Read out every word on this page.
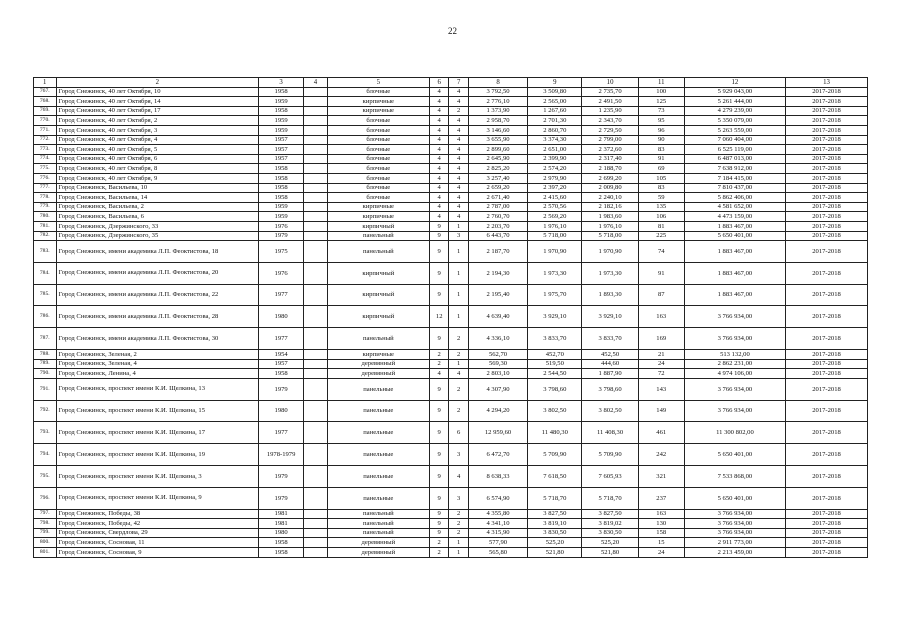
22
1	2	3	4	5	6	7	8	9	10	11	12	13
767.	Город Снежинск, 40 лет Октября, 10	1958		блочные	4	4	3 792,50	3 509,80	2 735,70	100	5 929 043,00	2017-2018
768.	Город Снежинск, 40 лет Октября, 14	1959		кирпичные	4	4	2 776,10	2 565,00	2 491,50	125	5 261 444,00	2017-2018
769.	Город Снежинск, 40 лет Октября, 17	1958		кирпичные	4	2	1 373,90	1 267,60	1 235,90	73	4 279 239,00	2017-2018
770.	Город Снежинск, 40 лет Октября, 2	1959		блочные	4	4	2 958,70	2 701,30	2 343,70	95	5 350 079,00	2017-2018
771.	Город Снежинск, 40 лет Октября, 3	1959		блочные	4	4	3 146,60	2 860,70	2 729,50	96	5 263 559,00	2017-2018
772.	Город Снежинск, 40 лет Октября, 4	1957		блочные	4	4	3 655,90	3 374,30	2 799,00	90	7 060 404,00	2017-2018
773.	Город Снежинск, 40 лет Октября, 5	1957		блочные	4	4	2 899,60	2 651,00	2 372,60	83	6 525 119,00	2017-2018
774.	Город Снежинск, 40 лет Октября, 6	1957		блочные	4	4	2 645,90	2 399,90	2 317,40	91	6 487 013,00	2017-2018
775.	Город Снежинск, 40 лет Октября, 8	1958		блочные	4	4	2 825,20	2 574,20	2 188,70	69	7 638 912,00	2017-2018
776.	Город Снежинск, 40 лет Октября, 9	1958		блочные	4	4	3 257,40	2 979,90	2 699,20	105	7 184 415,00	2017-2018
777.	Город Снежинск, Васильева, 10	1958		блочные	4	4	2 659,20	2 397,20	2 009,80	83	7 810 437,00	2017-2018
778.	Город Снежинск, Васильева, 14	1958		блочные	4	4	2 671,40	2 415,60	2 240,10	59	5 862 406,00	2017-2018
779.	Город Снежинск, Васильева, 2	1959		кирпичные	4	4	2 787,00	2 570,56	2 182,16	135	4 581 652,00	2017-2018
780.	Город Снежинск, Васильева, 6	1959		кирпичные	4	4	2 760,70	2 569,20	1 983,60	106	4 473 159,00	2017-2018
781.	Город Снежинск, Дзержинского, 33	1976		кирпичный	9	1	2 203,70	1 976,10	1 976,10	81	1 883 467,00	2017-2018
782.	Город Снежинск, Дзержинского, 35	1979		панельный	9	3	6 443,70	5 718,00	5 718,00	225	5 650 401,00	2017-2018
783.	Город Снежинск, имени академика Л.П. Феоктистова, 18	1975		панельный	9	1	2 187,70	1 970,90	1 970,90	74	1 883 467,00	2017-2018
784.	Город Снежинск, имени академика Л.П. Феоктистова, 20	1976		кирпичный	9	1	2 194,30	1 973,30	1 973,30	91	1 883 467,00	2017-2018
785.	Город Снежинск, имени академика Л.П. Феоктистова, 22	1977		кирпичный	9	1	2 195,40	1 975,70	1 893,30	87	1 883 467,00	2017-2018
786.	Город Снежинск, имени академика Л.П. Феоктистова, 28	1980		кирпичный	12	1	4 639,40	3 929,10	3 929,10	163	3 766 934,00	2017-2018
787.	Город Снежинск, имени академика Л.П. Феоктистова, 30	1977		панельный	9	2	4 336,10	3 833,70	3 833,70	169	3 766 934,00	2017-2018
788.	Город Снежинск, Зеленая, 2	1954		кирпичные	2	2	562,70	452,70	452,50	21	513 132,00	2017-2018
789.	Город Снежинск, Зеленая, 4	1957		деревянный	2	1	569,30	519,50	444,60	24	2 862 231,00	2017-2018
790.	Город Снежинск, Ленина, 4	1958		деревянный	4	4	2 803,10	2 544,50	1 887,90	72	4 974 106,00	2017-2018
791.	Город Снежинск, проспект имени К.И. Щелкина, 13	1979		панельные	9	2	4 307,90	3 798,60	3 798,60	143	3 766 934,00	2017-2018
792.	Город Снежинск, проспект имени К.И. Щелкина, 15	1980		панельные	9	2	4 294,20	3 802,50	3 802,50	149	3 766 934,00	2017-2018
793.	Город Снежинск, проспект имени К.И. Щелкина, 17	1977		панельные	9	6	12 959,60	11 480,30	11 408,30	461	11 300 802,00	2017-2018
794.	Город Снежинск, проспект имени К.И. Щелкина, 19	1978-1979		панельные	9	3	6 472,70	5 709,90	5 709,90	242	5 650 401,00	2017-2018
795.	Город Снежинск, проспект имени К.И. Щелкина, 3	1979		панельные	9	4	8 638,33	7 618,50	7 605,93	321	7 533 868,00	2017-2018
796.	Город Снежинск, проспект имени К.И. Щелкина, 9	1979		панельные	9	3	6 574,90	5 718,70	5 718,70	237	5 650 401,00	2017-2018
797.	Город Снежинск, Победы, 38	1981		панельный	9	2	4 355,80	3 827,50	3 827,50	163	3 766 934,00	2017-2018
798.	Город Снежинск, Победы, 42	1981		панельный	9	2	4 341,10	3 819,10	3 819,02	130	3 766 934,00	2017-2018
799.	Город Снежинск, Свердлова, 29	1980		панельный	9	2	4 315,90	3 830,50	3 830,50	158	3 766 934,00	2017-2018
800.	Город Снежинск, Сосновая, 11	1958		деревянный	2	1	577,90	525,20	525,20	15	2 911 773,00	2017-2018
801.	Город Снежинск, Сосновая, 9	1958		деревянный	2	1	565,80	521,80	521,80	24	2 213 459,00	2017-2018
